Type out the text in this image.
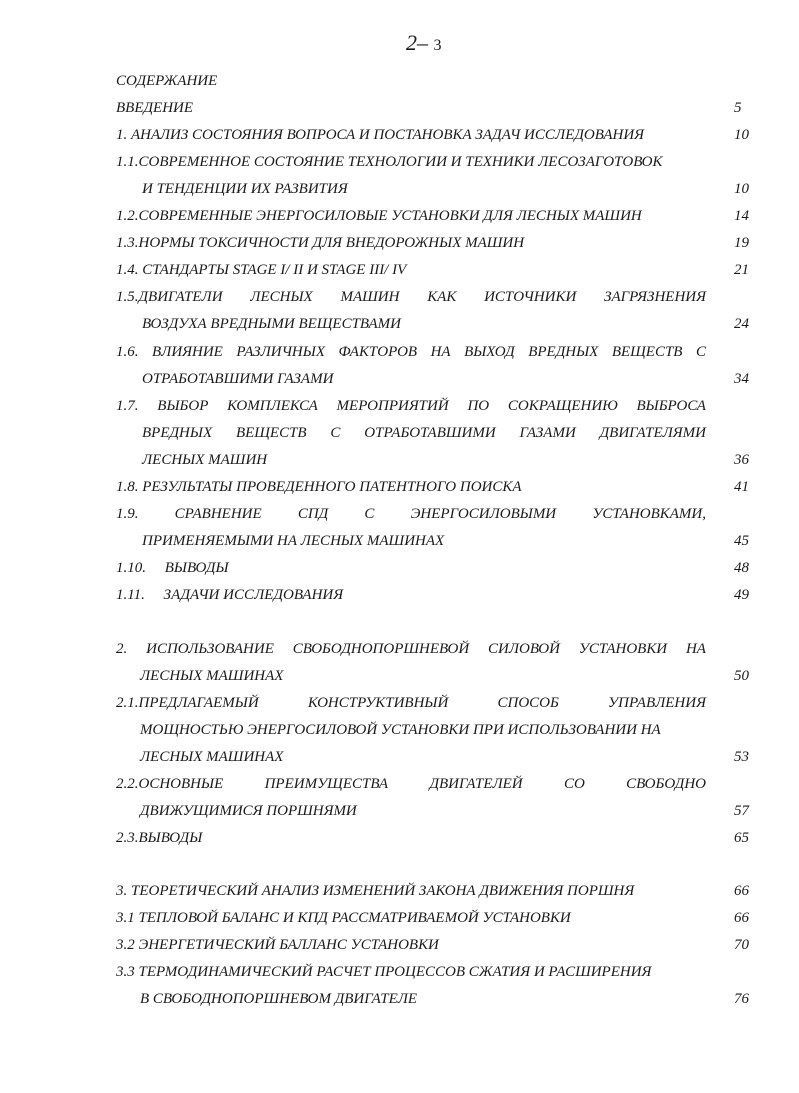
2– 3
СОДЕРЖАНИЕ
ВВЕДЕНИЕ	5
1. АНАЛИЗ СОСТОЯНИЯ ВОПРОСА И ПОСТАНОВКА ЗАДАЧ ИССЛЕДОВАНИЯ	10
1.1.СОВРЕМЕННОЕ СОСТОЯНИЕ ТЕХНОЛОГИИ И ТЕХНИКИ ЛЕСОЗАГОТОВОК
И ТЕНДЕНЦИИ ИХ РАЗВИТИЯ	10
1.2.СОВРЕМЕННЫЕ ЭНЕРГОСИЛОВЫЕ УСТАНОВКИ ДЛЯ ЛЕСНЫХ МАШИН	14
1.3.НОРМЫ ТОКСИЧНОСТИ ДЛЯ ВНЕДОРОЖНЫХ МАШИН	19
1.4. СТАНДАРТЫ STAGE I/ II И STAGE III/ IV	21
1.5.ДВИГАТЕЛИ ЛЕСНЫХ МАШИН КАК ИСТОЧНИКИ ЗАГРЯЗНЕНИЯ
ВОЗДУХА ВРЕДНЫМИ ВЕЩЕСТВАМИ	24
1.6. ВЛИЯНИЕ РАЗЛИЧНЫХ ФАКТОРОВ НА ВЫХОД ВРЕДНЫХ ВЕЩЕСТВ С
ОТРАБОТАВШИМИ ГАЗАМИ	34
1.7. ВЫБОР КОМПЛЕКСА МЕРОПРИЯТИЙ ПО СОКРАЩЕНИЮ ВЫБРОСА
ВРЕДНЫХ ВЕЩЕСТВ С ОТРАБОТАВШИМИ ГАЗАМИ ДВИГАТЕЛЯМИ
ЛЕСНЫХ МАШИН	36
1.8. РЕЗУЛЬТАТЫ ПРОВЕДЕННОГО ПАТЕНТНОГО ПОИСКА	41
1.9. СРАВНЕНИЕ СПД С ЭНЕРГОСИЛОВЫМИ УСТАНОВКАМИ,
ПРИМЕНЯЕМЫМИ НА ЛЕСНЫХ МАШИНАХ	45
1.10.     ВЫВОДЫ	48
1.11.     ЗАДАЧИ ИССЛЕДОВАНИЯ	49
2. ИСПОЛЬЗОВАНИЕ СВОБОДНОПОРШНЕВОЙ СИЛОВОЙ УСТАНОВКИ НА
ЛЕСНЫХ МАШИНАХ	50
2.1.ПРЕДЛАГАЕМЫЙ	КОНСТРУКТИВНЫЙ	СПОСОБ	УПРАВЛЕНИЯ
МОЩНОСТЬЮ ЭНЕРГОСИЛОВОЙ УСТАНОВКИ ПРИ ИСПОЛЬЗОВАНИИ НА
ЛЕСНЫХ МАШИНАХ	53
2.2.ОСНОВНЫЕ	ПРЕИМУЩЕСТВА	ДВИГАТЕЛЕЙ	СО	СВОБОДНО
ДВИЖУЩИМИСЯ ПОРШНЯМИ	57
2.3.ВЫВОДЫ	65
3. ТЕОРЕТИЧЕСКИЙ АНАЛИЗ ИЗМЕНЕНИЙ ЗАКОНА ДВИЖЕНИЯ ПОРШНЯ	66
3.1 ТЕПЛОВОЙ БАЛАНС И КПД РАССМАТРИВАЕМОЙ УСТАНОВКИ	66
3.2 ЭНЕРГЕТИЧЕСКИЙ БАЛЛАНС УСТАНОВКИ	70
3.3 ТЕРМОДИНАМИЧЕСКИЙ РАСЧЕТ ПРОЦЕССОВ СЖАТИЯ И РАСШИРЕНИЯ
В СВОБОДНОПОРШНЕВОМ ДВИГАТЕЛЕ	76
